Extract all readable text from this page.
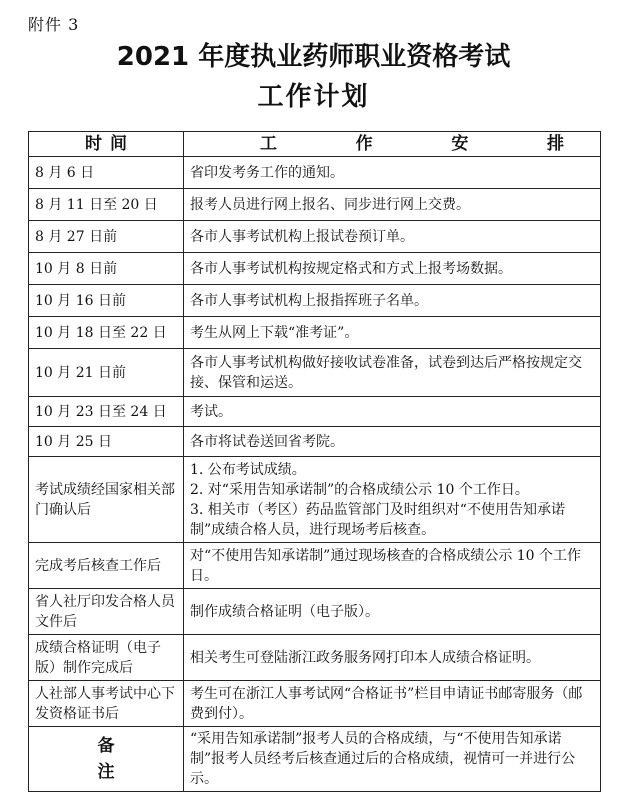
附件 3
2021 年度执业药师职业资格考试
工作计划
时 间	工 作 安 排

8 月 6 日	省印发考务工作的通知。

8 月 11 日至 20 日	报考人员进行网上报名、同步进行网上交费。

8 月 27 日前	各市人事考试机构上报试卷预订单。

10 月 8 日前	各市人事考试机构按规定格式和方式上报考场数据。

10 月 16 日前	各市人事考试机构上报指挥班子名单。

10 月 18 日至 22 日	考生从网上下载“准考证”。

10 月 21 日前	各市人事考试机构做好接收试卷准备，试卷到达后严格按规定交接、保管和运送。

10 月 23 日至 24 日	考试。

10 月 25 日	各市将试卷送回省考院。

考试成绩经国家相关部门确认后	1. 公布考试成绩。
2. 对“采用告知承诺制”的合格成绩公示 10 个工作日。
3. 相关市（考区）药品监管部门及时组织对“不使用告知承诺制”成绩合格人员，进行现场考后核查。

完成考后核查工作后	对“不使用告知承诺制”通过现场核查的合格成绩公示 10 个工作日。

省人社厅印发合格人员文件后	制作成绩合格证明（电子版）。

成绩合格证明（电子版）制作完成后	相关考生可登陆浙江政务服务网打印本人成绩合格证明。

人社部人事考试中心下发资格证书后	考生可在浙江人事考试网“合格证书”栏目申请证书邮寄服务（邮费到付）。

备
注	“采用告知承诺制”报考人员的合格成绩，与“不使用告知承诺制”报考人员经考后核查通过后的合格成绩，视情可一并进行公示。
